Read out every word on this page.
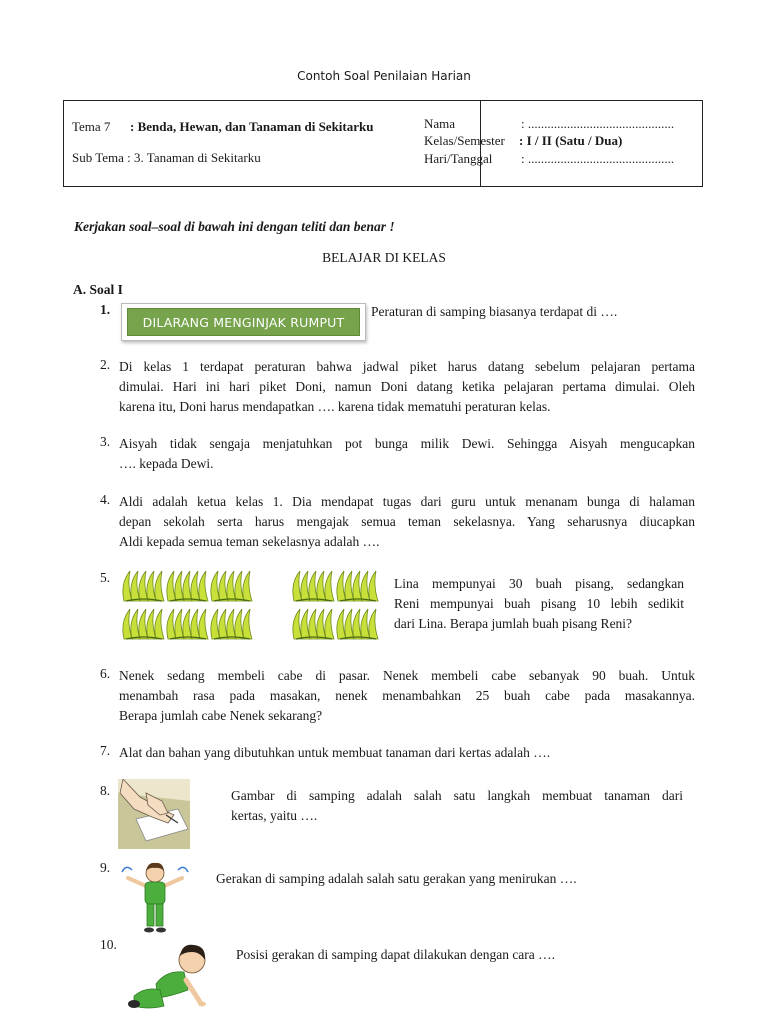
Contoh Soal Penilaian Harian
Tema 7 : Benda, Hewan, dan Tanaman di Sekitarku
Sub Tema : 3. Tanaman di Sekitarku
Nama	: .............................................
Kelas/Semester : I / II (Satu / Dua)
Hari/Tanggal : .............................................
Kerjakan soal–soal di bawah ini dengan teliti dan benar !
BELAJAR DI KELAS
A. Soal I
1.
DILARANG MENGINJAK RUMPUT
Peraturan di samping biasanya terdapat di ….
2. Di kelas 1 terdapat peraturan bahwa jadwal piket harus datang sebelum pelajaran pertama
dimulai. Hari ini hari piket Doni, namun Doni datang ketika pelajaran pertama dimulai. Oleh
karena itu, Doni harus mendapatkan …. karena tidak mematuhi peraturan kelas.
3. Aisyah tidak sengaja menjatuhkan pot bunga milik Dewi. Sehingga Aisyah mengucapkan
…. kepada Dewi.
4. Aldi adalah ketua kelas 1. Dia mendapat tugas dari guru untuk menanam bunga di halaman
depan sekolah serta harus mengajak semua teman sekelasnya. Yang seharusnya diucapkan
Aldi kepada semua teman sekelasnya adalah ….
5.	Lina mempunyai 30 buah pisang, sedangkan
Reni mempunyai buah pisang 10 lebih sedikit
dari Lina. Berapa jumlah buah pisang Reni?
6. Nenek sedang membeli cabe di pasar. Nenek membeli cabe sebanyak 90 buah. Untuk
menambah rasa pada masakan, nenek menambahkan 25 buah cabe pada masakannya.
Berapa jumlah cabe Nenek sekarang?
7. Alat dan bahan yang dibutuhkan untuk membuat tanaman dari kertas adalah ….
8.	Gambar di samping adalah salah satu langkah membuat tanaman dari
kertas, yaitu ….
9.
Gerakan di samping adalah salah satu gerakan yang menirukan ….
10.
Posisi gerakan di samping dapat dilakukan dengan cara ….
